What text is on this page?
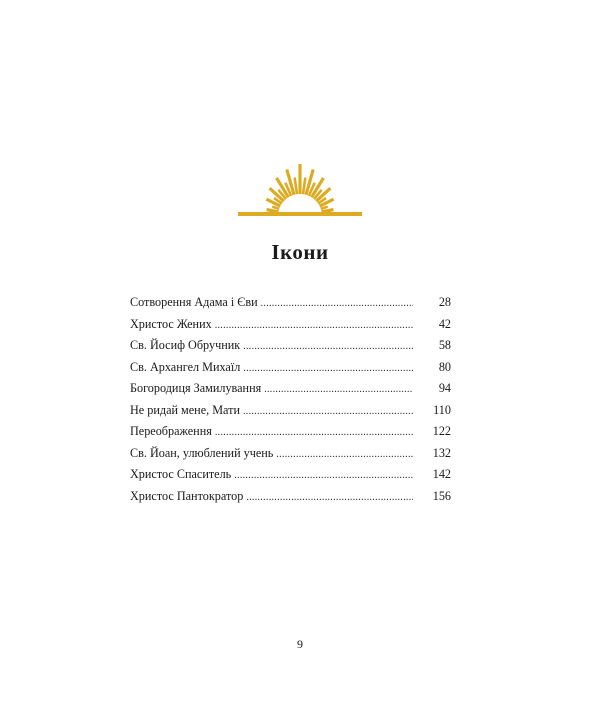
Ікони
Сотворення Адама і Єви .....	28
Христос Жених .....	42
Св. Йосиф Обручник .....	58
Св. Архангел Михаїл .....	80
Богородиця Замилування .....	94
Не ридай мене, Мати .....	110
Переображення .....	122
Св. Йоан, улюблений учень .....	132
Христос Спаситель .....	142
Христос Пантократор .....	156
9
